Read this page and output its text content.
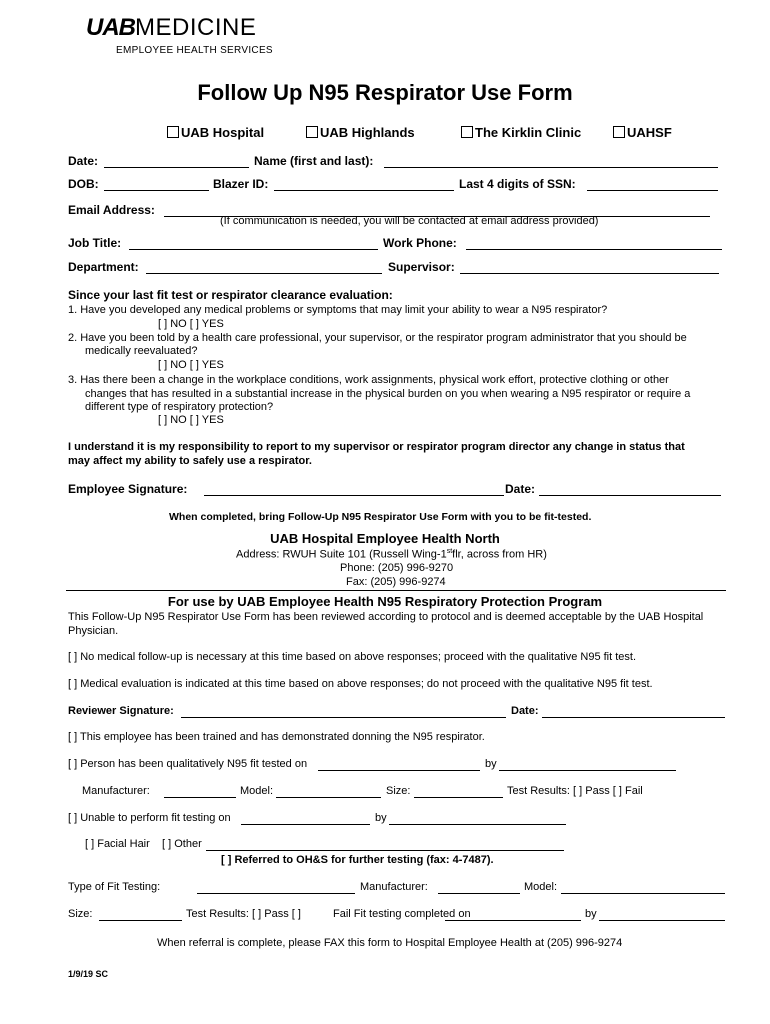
UABMEDICINE
EMPLOYEE HEALTH SERVICES
Follow Up N95 Respirator Use Form
UAB Hospital	UAB Highlands	The Kirklin Clinic	UAHSF
Date:	Name (first and last):
DOB:	Blazer ID:	Last 4 digits of SSN:
Email Address:
(If communication is needed, you will be contacted at email address provided)
Job Title:	Work Phone:
Department:	Supervisor:
Since your last fit test or respirator clearance evaluation:
1. Have you developed any medical problems or symptoms that may limit your ability to wear a N95 respirator?
[ ] NO [ ] YES
2. Have you been told by a health care professional, your supervisor, or the respirator program administrator that you should be
medically reevaluated?
[ ] NO [ ] YES
3. Has there been a change in the workplace conditions, work assignments, physical work effort, protective clothing or other
changes that has resulted in a substantial increase in the physical burden on you when wearing a N95 respirator or require a
different type of respiratory protection?
[ ] NO [ ] YES
I understand it is my responsibility to report to my supervisor or respirator program director any change in status that
may affect my ability to safely use a respirator.
Employee Signature:	Date:
When completed, bring Follow-Up N95 Respirator Use Form with you to be fit-tested.
UAB Hospital Employee Health North
Address: RWUH Suite 101 (Russell Wing-1stflr, across from HR)
Phone: (205) 996-9270
Fax: (205) 996-9274
For use by UAB Employee Health N95 Respiratory Protection Program
This Follow-Up N95 Respirator Use Form has been reviewed according to protocol and is deemed acceptable by the UAB Hospital
Physician.
[ ] No medical follow-up is necessary at this time based on above responses; proceed with the qualitative N95 fit test.
[ ] Medical evaluation is indicated at this time based on above responses; do not proceed with the qualitative N95 fit test.
Reviewer Signature:	Date:
[ ] This employee has been trained and has demonstrated donning the N95 respirator.
[ ] Person has been qualitatively N95 fit tested on	by
Manufacturer:	Model:	Size:	Test Results: [ ] Pass [ ] Fail
[ ] Unable to perform fit testing on	by
[ ] Facial Hair [ ] Other
[ ] Referred to OH&S for further testing (fax: 4-7487).
Type of Fit Testing:	Manufacturer:	Model:
Size:	Test Results: [ ] Pass [ ]	Fail Fit testing completed on	by
When referral is complete, please FAX this form to Hospital Employee Health at (205) 996-9274
1/9/19 SC
